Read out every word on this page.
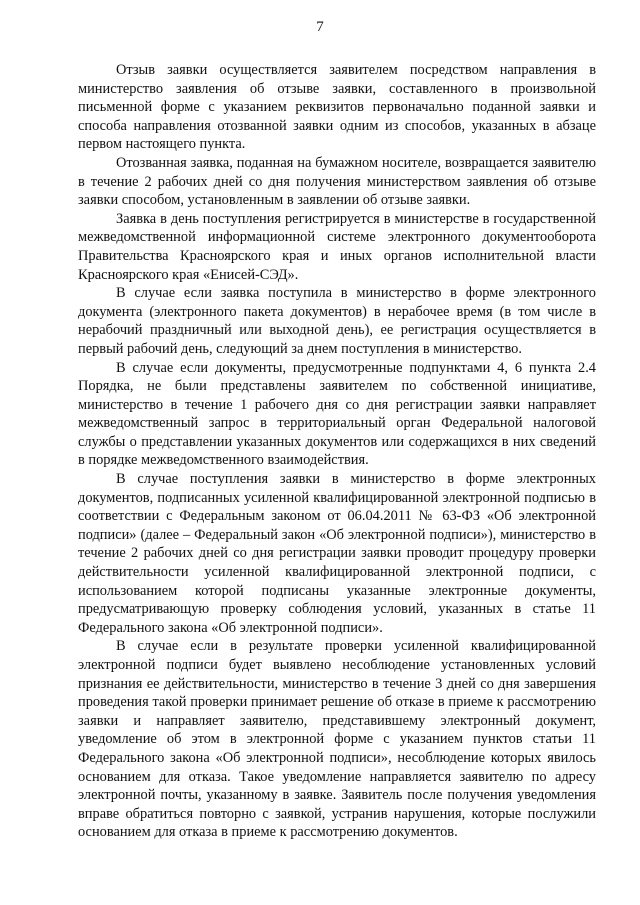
7

Отзыв заявки осуществляется заявителем посредством направления в министерство заявления об отзыве заявки, составленного в произвольной письменной форме с указанием реквизитов первоначально поданной заявки и способа направления отозванной заявки одним из способов, указанных в абзаце первом настоящего пункта.

Отозванная заявка, поданная на бумажном носителе, возвращается заявителю в течение 2 рабочих дней со дня получения министерством заявления об отзыве заявки способом, установленным в заявлении об отзыве заявки.

Заявка в день поступления регистрируется в министерстве в государственной межведомственной информационной системе электронного документооборота Правительства Красноярского края и иных органов исполнительной власти Красноярского края «Енисей-СЭД».

В случае если заявка поступила в министерство в форме электронного документа (электронного пакета документов) в нерабочее время (в том числе в нерабочий праздничный или выходной день), ее регистрация осуществляется в первый рабочий день, следующий за днем поступления в министерство.

В случае если документы, предусмотренные подпунктами 4, 6 пункта 2.4 Порядка, не были представлены заявителем по собственной инициативе, министерство в течение 1 рабочего дня со дня регистрации заявки направляет межведомственный запрос в территориальный орган Федеральной налоговой службы о представлении указанных документов или содержащихся в них сведений в порядке межведомственного взаимодействия.

В случае поступления заявки в министерство в форме электронных документов, подписанных усиленной квалифицированной электронной подписью в соответствии с Федеральным законом от 06.04.2011 № 63-ФЗ «Об электронной подписи» (далее – Федеральный закон «Об электронной подписи»), министерство в течение 2 рабочих дней со дня регистрации заявки проводит процедуру проверки действительности усиленной квалифицированной электронной подписи, с использованием которой подписаны указанные электронные документы, предусматривающую проверку соблюдения условий, указанных в статье 11 Федерального закона «Об электронной подписи».

В случае если в результате проверки усиленной квалифицированной электронной подписи будет выявлено несоблюдение установленных условий признания ее действительности, министерство в течение 3 дней со дня завершения проведения такой проверки принимает решение об отказе в приеме к рассмотрению заявки и направляет заявителю, представившему электронный документ, уведомление об этом в электронной форме с указанием пунктов статьи 11 Федерального закона «Об электронной подписи», несоблюдение которых явилось основанием для отказа. Такое уведомление направляется заявителю по адресу электронной почты, указанному в заявке. Заявитель после получения уведомления вправе обратиться повторно с заявкой, устранив нарушения, которые послужили основанием для отказа в приеме к рассмотрению документов.
